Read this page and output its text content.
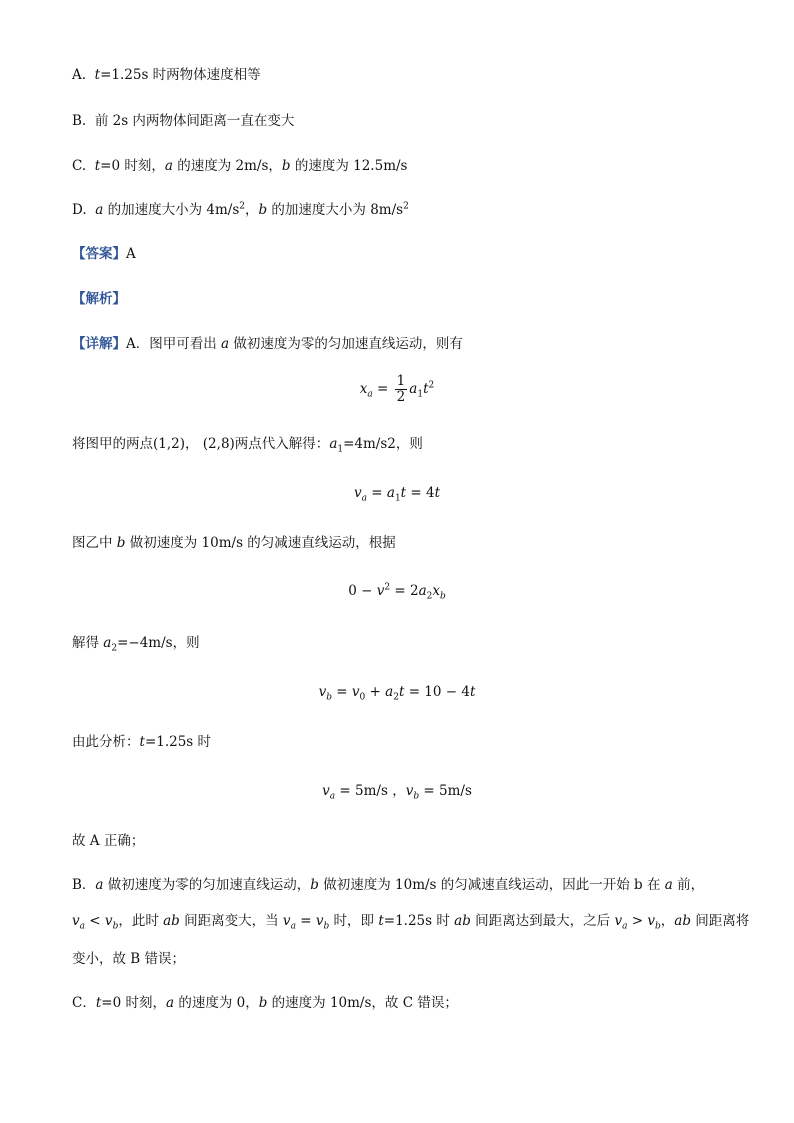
A. t=1.25s 时两物体速度相等
B. 前 2s 内两物体间距离一直在变大
C. t=0 时刻，a 的速度为 2m/s，b 的速度为 12.5m/s
D. a 的加速度大小为 $4m/s^2$，b 的加速度大小为 $8m/s^2$
【答案】A
【解析】
【详解】A．图甲可看出 a 做初速度为零的匀加速直线运动，则有
$x_a = \frac{1}{2} a_1t^2$
将图甲的两点(1,2)， (2,8)两点代入解得：$a_1=4m/s2$，则
$v_a = a_1t = 4t$
图乙中 b 做初速度为 10m/s 的匀减速直线运动，根据
$0 - v^2 = 2a_2x_b$
解得 $a_2=-4m/s$，则
$v_b = v_0 + a_2t = 10 - 4t$
由此分析：t=1.25s 时
$v_a = 5m/s$ ，$v_b = 5m/s$
故 A 正确；
B．a 做初速度为零的匀加速直线运动，b 做初速度为 10m/s 的匀减速直线运动，因此一开始 b 在 a 前，
$v_a < v_b$，此时 ab 间距离变大，当 $v_a = v_b$ 时，即 t=1.25s 时 ab 间距离达到最大，之后 $v_a > v_b$，ab 间距离将
变小，故 B 错误；
C．t=0 时刻，a 的速度为 0，b 的速度为 10m/s，故 C 错误；
